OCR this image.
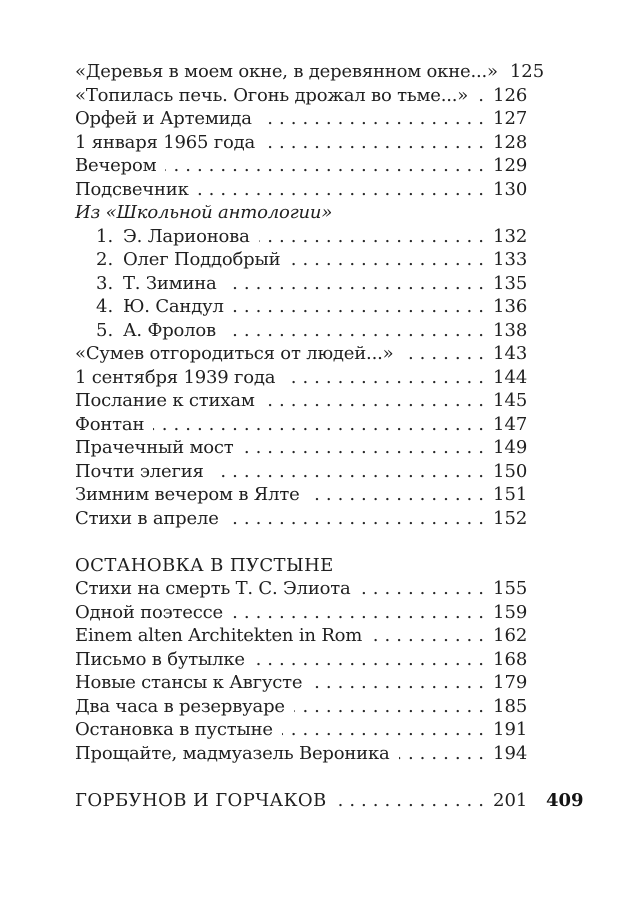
«Деревья в моем окне, в деревянном окне...» 125
«Топилась печь. Огонь дрожал во тьме...» ..... 126
Орфей и Артемида .....	127
1 января 1965 года .....	128
Вечером .....	129
Подсвечник .....	130
Из «Школьной антологии»
1. Э. Ларионова .....	132
2. Олег Поддобрый .....	133
3. Т. Зимина .....	135
4. Ю. Сандул .....	136
5. А. Фролов .....	138
«Сумев отгородиться от людей...» .....	143
1 сентября 1939 года .....	144
Послание к стихам .....	145
Фонтан .....	147
Прачечный мост .....	149
Почти элегия .....	150
Зимним вечером в Ялте .....	151
Стихи в апреле .....	152
ОСТАНОВКА В ПУСТЫНЕ
Стихи на смерть Т. С. Элиота .....	155
Одной поэтессе .....	159
Einem alten Architekten in Rom .....	162
Письмо в бутылке .....	168
Новые стансы к Августе .....	179
Два часа в резервуаре .....	185
Остановка в пустыне .....	191
Прощайте, мадмуазель Вероника .....	194
ГОРБУНОВ И ГОРЧАКОВ .....	201 409
